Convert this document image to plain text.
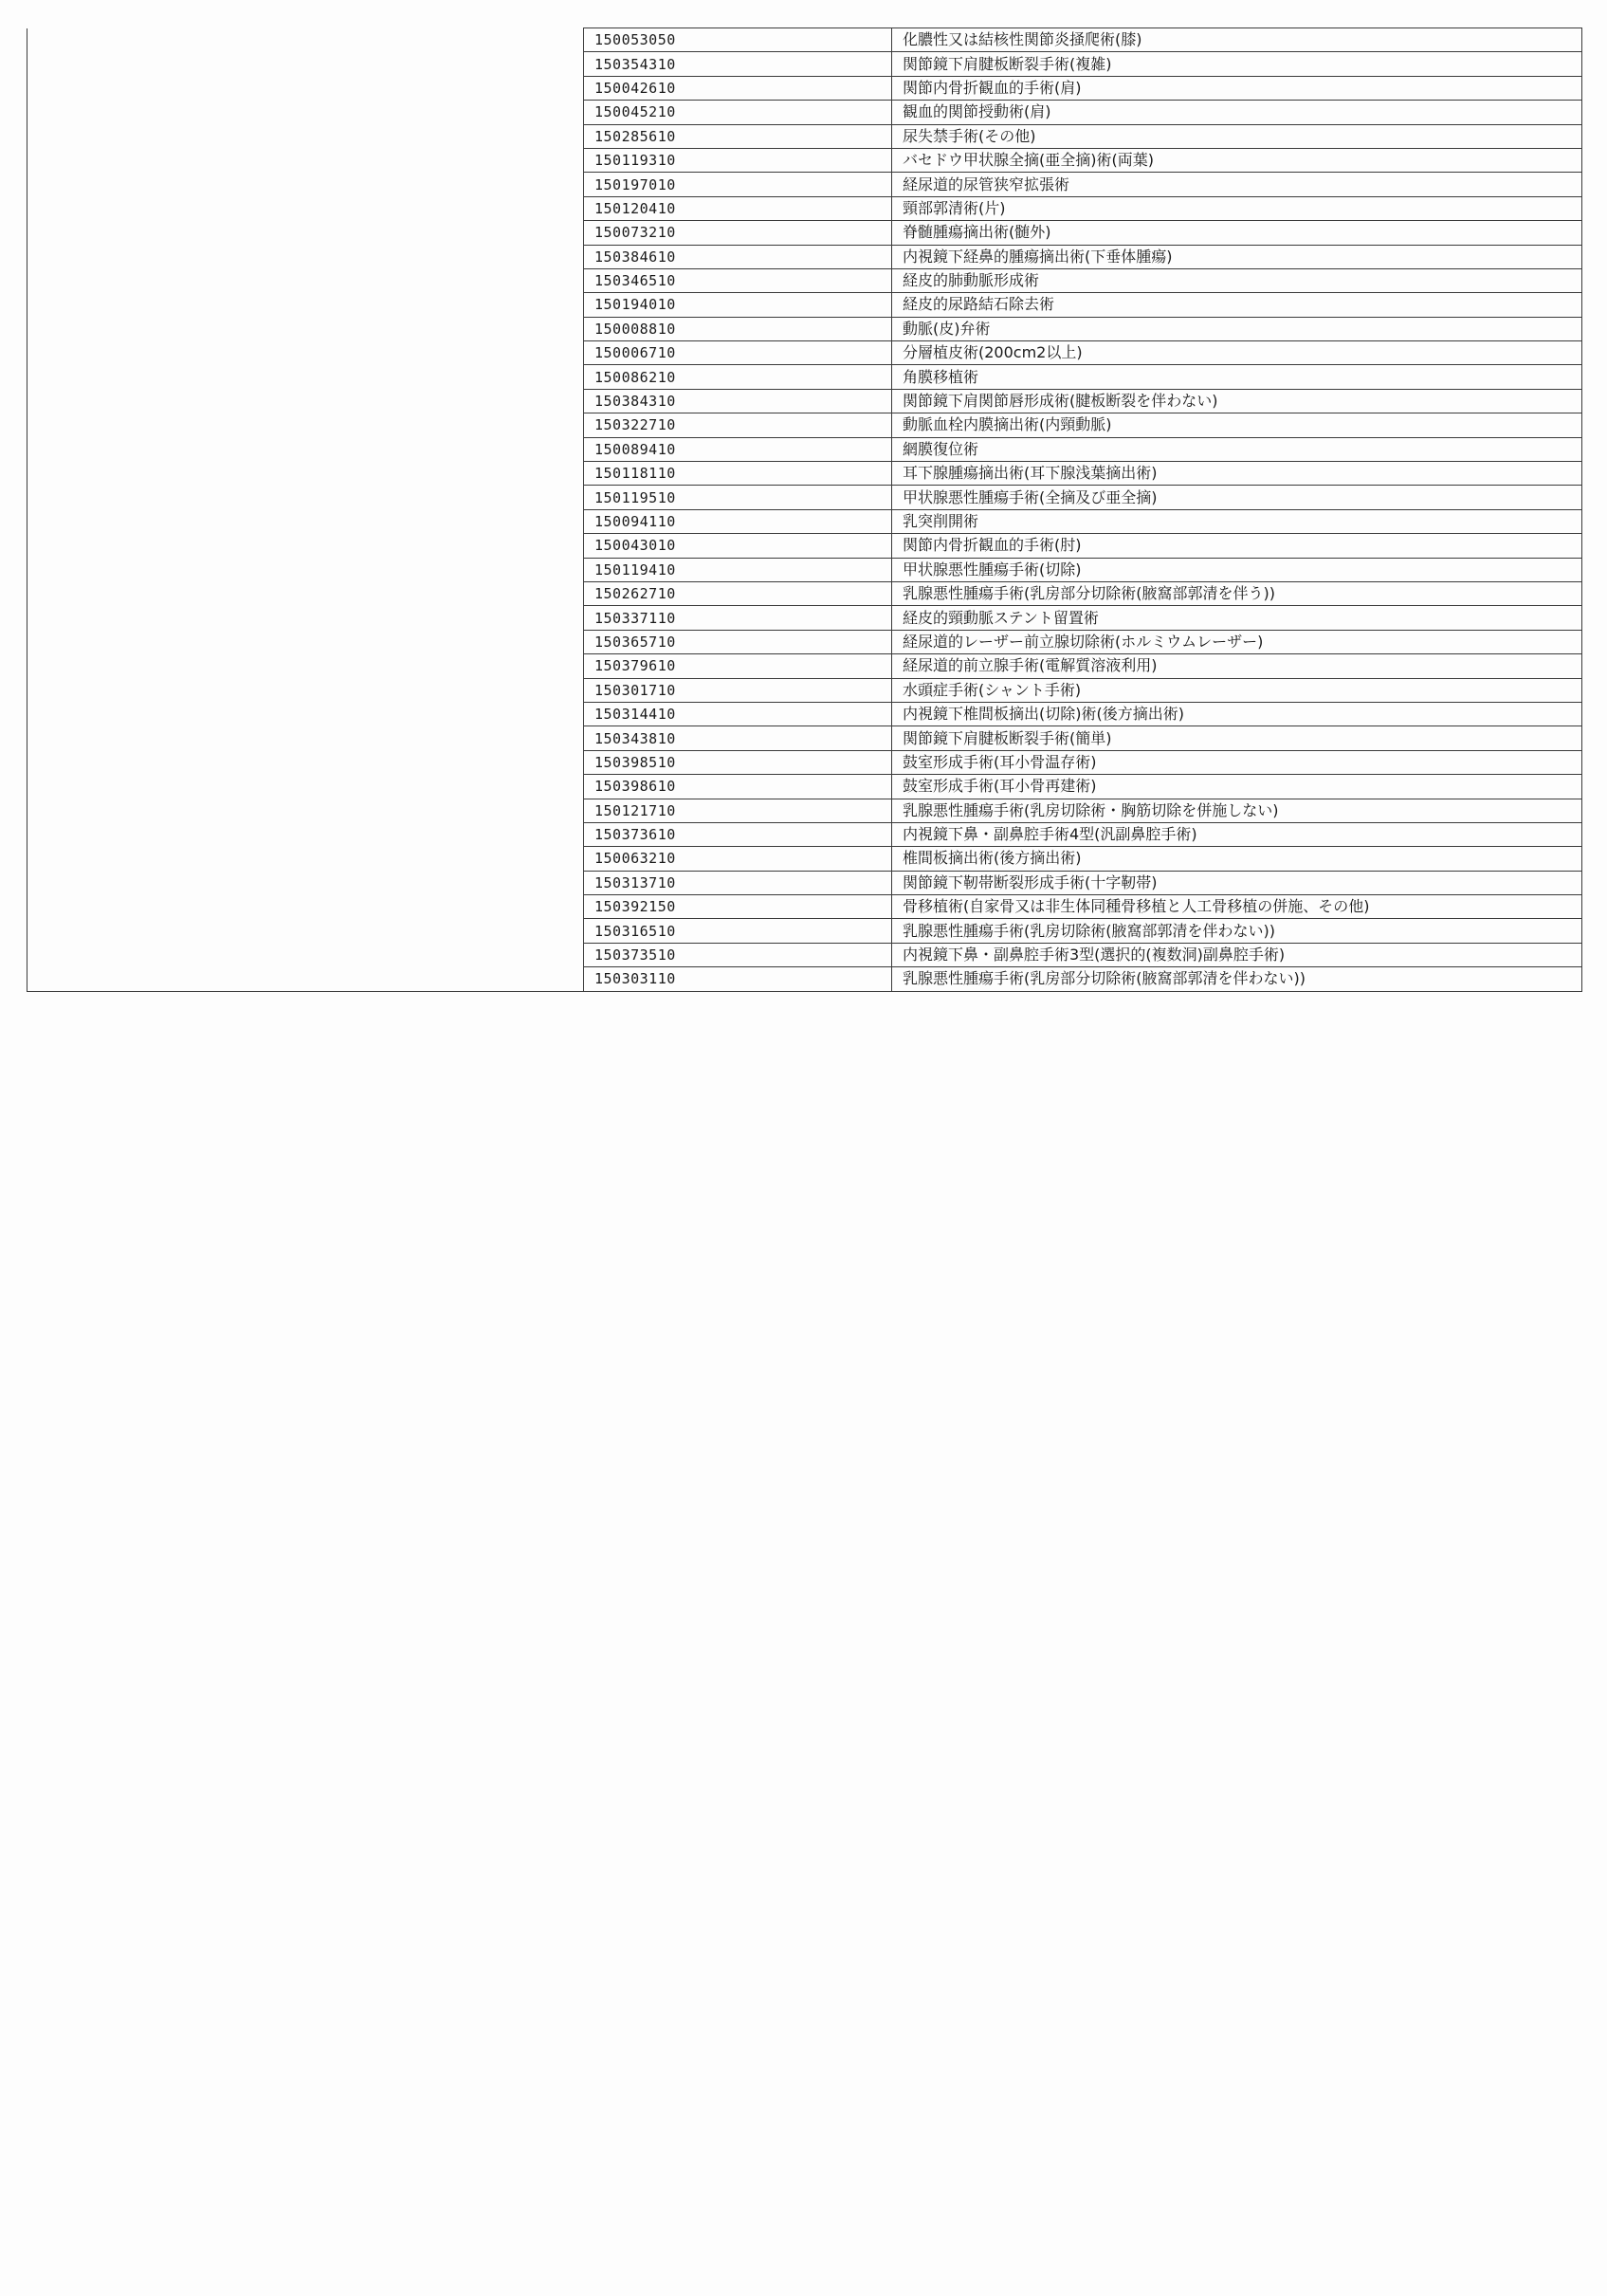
	150053050	化膿性又は結核性関節炎掻爬術(膝)
	150354310	関節鏡下肩腱板断裂手術(複雑)
	150042610	関節内骨折観血的手術(肩)
	150045210	観血的関節授動術(肩)
	150285610	尿失禁手術(その他)
	150119310	バセドウ甲状腺全摘(亜全摘)術(両葉)
	150197010	経尿道的尿管狭窄拡張術
	150120410	頸部郭清術(片)
	150073210	脊髄腫瘍摘出術(髄外)
	150384610	内視鏡下経鼻的腫瘍摘出術(下垂体腫瘍)
	150346510	経皮的肺動脈形成術
	150194010	経皮的尿路結石除去術
	150008810	動脈(皮)弁術
	150006710	分層植皮術(200cm2以上)
	150086210	角膜移植術
	150384310	関節鏡下肩関節唇形成術(腱板断裂を伴わない)
	150322710	動脈血栓内膜摘出術(内頸動脈)
	150089410	網膜復位術
	150118110	耳下腺腫瘍摘出術(耳下腺浅葉摘出術)
	150119510	甲状腺悪性腫瘍手術(全摘及び亜全摘)
	150094110	乳突削開術
	150043010	関節内骨折観血的手術(肘)
	150119410	甲状腺悪性腫瘍手術(切除)
	150262710	乳腺悪性腫瘍手術(乳房部分切除術(腋窩部郭清を伴う))
	150337110	経皮的頸動脈ステント留置術
	150365710	経尿道的レーザー前立腺切除術(ホルミウムレーザー)
	150379610	経尿道的前立腺手術(電解質溶液利用)
	150301710	水頭症手術(シャント手術)
	150314410	内視鏡下椎間板摘出(切除)術(後方摘出術)
	150343810	関節鏡下肩腱板断裂手術(簡単)
	150398510	鼓室形成手術(耳小骨温存術)
	150398610	鼓室形成手術(耳小骨再建術)
	150121710	乳腺悪性腫瘍手術(乳房切除術・胸筋切除を併施しない)
	150373610	内視鏡下鼻・副鼻腔手術4型(汎副鼻腔手術)
	150063210	椎間板摘出術(後方摘出術)
	150313710	関節鏡下靭帯断裂形成手術(十字靭帯)
	150392150	骨移植術(自家骨又は非生体同種骨移植と人工骨移植の併施、その他)
	150316510	乳腺悪性腫瘍手術(乳房切除術(腋窩部郭清を伴わない))
	150373510	内視鏡下鼻・副鼻腔手術3型(選択的(複数洞)副鼻腔手術)
	150303110	乳腺悪性腫瘍手術(乳房部分切除術(腋窩部郭清を伴わない))
